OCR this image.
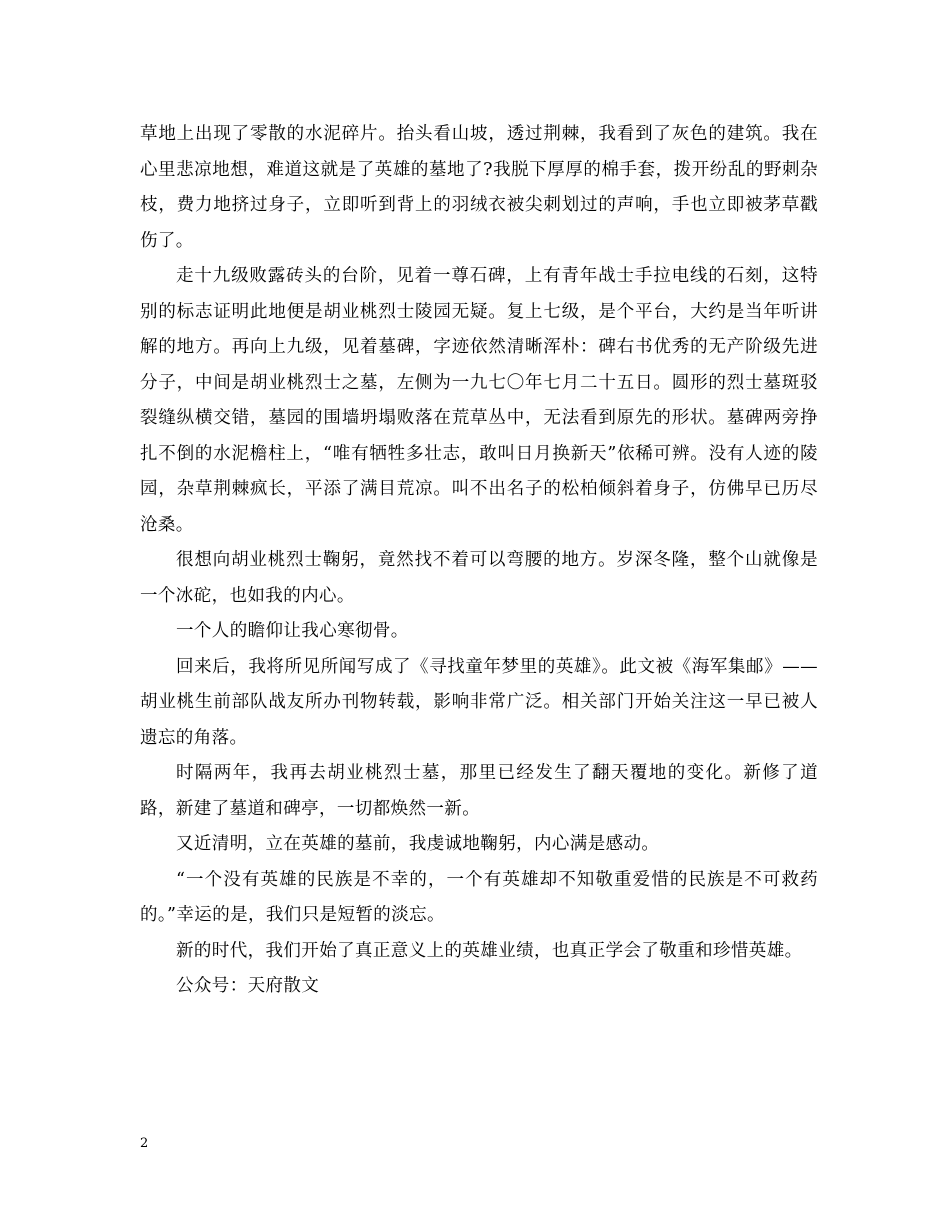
草地上出现了零散的水泥碎片。抬头看山坡，透过荆棘，我看到了灰色的建筑。我在心里悲凉地想，难道这就是了英雄的墓地了?我脱下厚厚的棉手套，拨开纷乱的野刺杂枝，费力地挤过身子，立即听到背上的羽绒衣被尖刺划过的声响，手也立即被茅草戳伤了。

走十九级败露砖头的台阶，见着一尊石碑，上有青年战士手拉电线的石刻，这特别的标志证明此地便是胡业桃烈士陵园无疑。复上七级，是个平台，大约是当年听讲解的地方。再向上九级，见着墓碑，字迹依然清晰浑朴：碑右书优秀的无产阶级先进分子，中间是胡业桃烈士之墓，左侧为一九七〇年七月二十五日。圆形的烈士墓斑驳裂缝纵横交错，墓园的围墙坍塌败落在荒草丛中，无法看到原先的形状。墓碑两旁挣扎不倒的水泥檐柱上，“唯有牺牲多壮志，敢叫日月换新天”依稀可辨。没有人迹的陵园，杂草荆棘疯长，平添了满目荒凉。叫不出名子的松柏倾斜着身子，仿佛早已历尽沧桑。

很想向胡业桃烈士鞠躬，竟然找不着可以弯腰的地方。岁深冬隆，整个山就像是一个冰砣，也如我的内心。

一个人的瞻仰让我心寒彻骨。

回来后，我将所见所闻写成了《寻找童年梦里的英雄》。此文被《海军集邮》——胡业桃生前部队战友所办刊物转载，影响非常广泛。相关部门开始关注这一早已被人遗忘的角落。

时隔两年，我再去胡业桃烈士墓，那里已经发生了翻天覆地的变化。新修了道路，新建了墓道和碑亭，一切都焕然一新。

又近清明，立在英雄的墓前，我虔诚地鞠躬，内心满是感动。

“一个没有英雄的民族是不幸的，一个有英雄却不知敬重爱惜的民族是不可救药的。”幸运的是，我们只是短暂的淡忘。

新的时代，我们开始了真正意义上的英雄业绩，也真正学会了敬重和珍惜英雄。

公众号：天府散文

2
